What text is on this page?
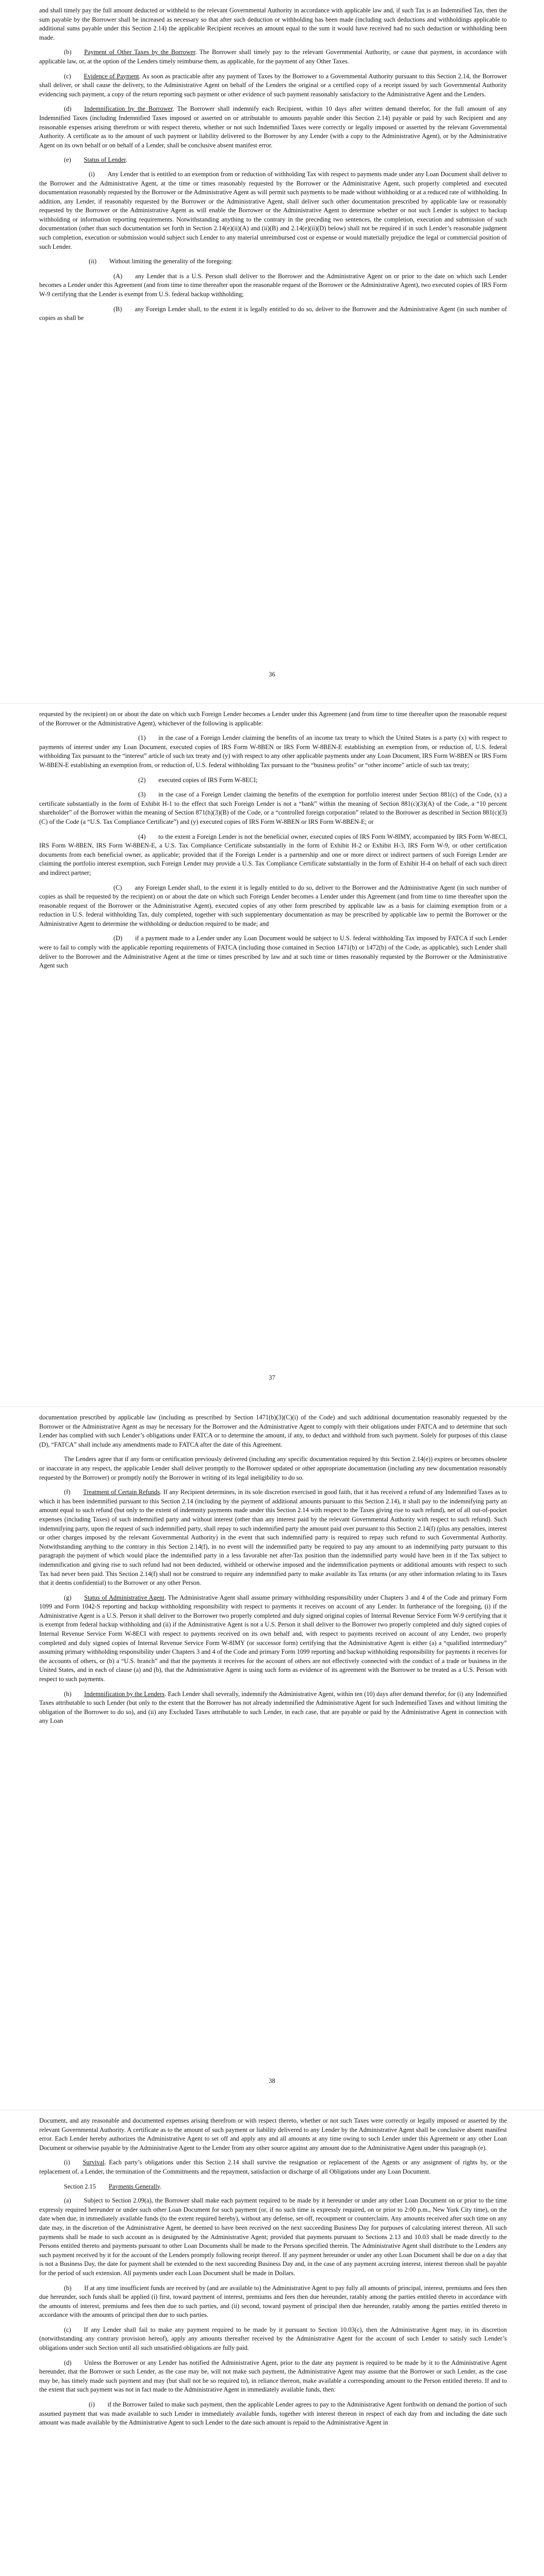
and shall timely pay the full amount deducted or withheld to the relevant Governmental Authority in accordance with applicable law and, if such Tax is an Indemnified Tax, then the sum payable by the Borrower shall be increased as necessary so that after such deduction or withholding has been made (including such deductions and withholdings applicable to additional sums payable under this Section 2.14) the applicable Recipient receives an amount equal to the sum it would have received had no such deduction or withholding been made.

(b)   Payment of Other Taxes by the Borrower. The Borrower shall timely pay to the relevant Governmental Authority, or cause that payment, in accordance with applicable law, or, at the option of the Lenders timely reimburse them, as applicable, for the payment of any Other Taxes.

(c)   Evidence of Payment. As soon as practicable after any payment of Taxes by the Borrower to a Governmental Authority pursuant to this Section 2.14, the Borrower shall deliver, or shall cause the delivery, to the Administrative Agent on behalf of the Lenders the original or a certified copy of a receipt issued by such Governmental Authority evidencing such payment, a copy of the return reporting such payment or other evidence of such payment reasonably satisfactory to the Administrative Agent and the Lenders.

(d)   Indemnification by the Borrower. The Borrower shall indemnify each Recipient, within 10 days after written demand therefor, for the full amount of any Indemnified Taxes (including Indemnified Taxes imposed or asserted on or attributable to amounts payable under this Section 2.14) payable or paid by such Recipient and any reasonable expenses arising therefrom or with respect thereto, whether or not such Indemnified Taxes were correctly or legally imposed or asserted by the relevant Governmental Authority. A certificate as to the amount of such payment or liability delivered to the Borrower by any Lender (with a copy to the Administrative Agent), or by the Administrative Agent on its own behalf or on behalf of a Lender, shall be conclusive absent manifest error.

(e)   Status of Lender.

(i)   Any Lender that is entitled to an exemption from or reduction of withholding Tax with respect to payments made under any Loan Document shall deliver to the Borrower and the Administrative Agent, at the time or times reasonably requested by the Borrower or the Administrative Agent, such properly completed and executed documentation reasonably requested by the Borrower or the Administrative Agent as will permit such payments to be made without withholding or at a reduced rate of withholding. In addition, any Lender, if reasonably requested by the Borrower or the Administrative Agent, shall deliver such other documentation prescribed by applicable law or reasonably requested by the Borrower or the Administrative Agent as will enable the Borrower or the Administrative Agent to determine whether or not such Lender is subject to backup withholding or information reporting requirements. Notwithstanding anything to the contrary in the preceding two sentences, the completion, execution and submission of such documentation (other than such documentation set forth in Section 2.14(e)(ii)(A) and (ii)(B) and 2.14(e)(ii)(D) below) shall not be required if in such Lender’s reasonable judgment such completion, execution or submission would subject such Lender to any material unreimbursed cost or expense or would materially prejudice the legal or commercial position of such Lender.

(ii)   Without limiting the generality of the foregoing:

(A)   any Lender that is a U.S. Person shall deliver to the Borrower and the Administrative Agent on or prior to the date on which such Lender becomes a Lender under this Agreement (and from time to time thereafter upon the reasonable request of the Borrower or the Administrative Agent), two executed copies of IRS Form W-9 certifying that the Lender is exempt from U.S. federal backup withholding;

(B)   any Foreign Lender shall, to the extent it is legally entitled to do so, deliver to the Borrower and the Administrative Agent (in such number of copies as shall be

36

requested by the recipient) on or about the date on which such Foreign Lender becomes a Lender under this Agreement (and from time to time thereafter upon the reasonable request of the Borrower or the Administrative Agent), whichever of the following is applicable:

(1)   in the case of a Foreign Lender claiming the benefits of an income tax treaty to which the United States is a party (x) with respect to payments of interest under any Loan Document, executed copies of IRS Form W-8BEN or IRS Form W-8BEN-E establishing an exemption from, or reduction of, U.S. federal withholding Tax pursuant to the “interest” article of such tax treaty and (y) with respect to any other applicable payments under any Loan Document, IRS Form W-8BEN or IRS Form W-8BEN-E establishing an exemption from, or reduction of, U.S. federal withholding Tax pursuant to the “business profits” or “other income” article of such tax treaty;

(2)   executed copies of IRS Form W-8ECI;

(3)   in the case of a Foreign Lender claiming the benefits of the exemption for portfolio interest under Section 881(c) of the Code, (x) a certificate substantially in the form of Exhibit H-1 to the effect that such Foreign Lender is not a “bank” within the meaning of Section 881(c)(3)(A) of the Code, a “10 percent shareholder” of the Borrower within the meaning of Section 871(h)(3)(B) of the Code, or a “controlled foreign corporation” related to the Borrower as described in Section 881(c)(3)(C) of the Code (a “U.S. Tax Compliance Certificate”) and (y) executed copies of IRS Form W-8BEN or IRS Form W-8BEN-E; or

(4)   to the extent a Foreign Lender is not the beneficial owner, executed copies of IRS Form W-8IMY, accompanied by IRS Form W-8ECI, IRS Form W-8BEN, IRS Form W-8BEN-E, a U.S. Tax Compliance Certificate substantially in the form of Exhibit H-2 or Exhibit H-3, IRS Form W-9, or other certification documents from each beneficial owner, as applicable; provided that if the Foreign Lender is a partnership and one or more direct or indirect partners of such Foreign Lender are claiming the portfolio interest exemption, such Foreign Lender may provide a U.S. Tax Compliance Certificate substantially in the form of Exhibit H-4 on behalf of each such direct and indirect partner;

(C)   any Foreign Lender shall, to the extent it is legally entitled to do so, deliver to the Borrower and the Administrative Agent (in such number of copies as shall be requested by the recipient) on or about the date on which such Foreign Lender becomes a Lender under this Agreement (and from time to time thereafter upon the reasonable request of the Borrower or the Administrative Agent), executed copies of any other form prescribed by applicable law as a basis for claiming exemption from or a reduction in U.S. federal withholding Tax, duly completed, together with such supplementary documentation as may be prescribed by applicable law to permit the Borrower or the Administrative Agent to determine the withholding or deduction required to be made; and

(D)   if a payment made to a Lender under any Loan Document would be subject to U.S. federal withholding Tax imposed by FATCA if such Lender were to fail to comply with the applicable reporting requirements of FATCA (including those contained in Section 1471(b) or 1472(b) of the Code, as applicable), such Lender shall deliver to the Borrower and the Administrative Agent at the time or times prescribed by law and at such time or times reasonably requested by the Borrower or the Administrative Agent such

37

documentation prescribed by applicable law (including as prescribed by Section 1471(b)(3)(C)(i) of the Code) and such additional documentation reasonably requested by the Borrower or the Administrative Agent as may be necessary for the Borrower and the Administrative Agent to comply with their obligations under FATCA and to determine that such Lender has complied with such Lender’s obligations under FATCA or to determine the amount, if any, to deduct and withhold from such payment. Solely for purposes of this clause (D), “FATCA” shall include any amendments made to FATCA after the date of this Agreement.

The Lenders agree that if any form or certification previously delivered (including any specific documentation required by this Section 2.14(e)) expires or becomes obsolete or inaccurate in any respect, the applicable Lender shall deliver promptly to the Borrower updated or other appropriate documentation (including any new documentation reasonably requested by the Borrower) or promptly notify the Borrower in writing of its legal ineligibility to do so.

(f)   Treatment of Certain Refunds. If any Recipient determines, in its sole discretion exercised in good faith, that it has received a refund of any Indemnified Taxes as to which it has been indemnified pursuant to this Section 2.14 (including by the payment of additional amounts pursuant to this Section 2.14), it shall pay to the indemnifying party an amount equal to such refund (but only to the extent of indemnity payments made under this Section 2.14 with respect to the Taxes giving rise to such refund), net of all out-of-pocket expenses (including Taxes) of such indemnified party and without interest (other than any interest paid by the relevant Governmental Authority with respect to such refund). Such indemnifying party, upon the request of such indemnified party, shall repay to such indemnified party the amount paid over pursuant to this Section 2.14(f) (plus any penalties, interest or other charges imposed by the relevant Governmental Authority) in the event that such indemnified party is required to repay such refund to such Governmental Authority. Notwithstanding anything to the contrary in this Section 2.14(f), in no event will the indemnified party be required to pay any amount to an indemnifying party pursuant to this paragraph the payment of which would place the indemnified party in a less favorable net after-Tax position than the indemnified party would have been in if the Tax subject to indemnification and giving rise to such refund had not been deducted, withheld or otherwise imposed and the indemnification payments or additional amounts with respect to such Tax had never been paid. This Section 2.14(f) shall not be construed to require any indemnified party to make available its Tax returns (or any other information relating to its Taxes that it deems confidential) to the Borrower or any other Person.

(g)   Status of Administrative Agent. The Administrative Agent shall assume primary withholding responsibility under Chapters 3 and 4 of the Code and primary Form 1099 and Form 1042-S reporting and backup withholding responsibility with respect to payments it receives on account of any Lender. In furtherance of the foregoing, (i) if the Administrative Agent is a U.S. Person it shall deliver to the Borrower two properly completed and duly signed original copies of Internal Revenue Service Form W-9 certifying that it is exempt from federal backup withholding and (ii) if the Administrative Agent is not a U.S. Person it shall deliver to the Borrower two properly completed and duly signed copies of Internal Revenue Service Form W-8ECI with respect to payments received on its own behalf and, with respect to payments received on account of any Lender, two properly completed and duly signed copies of Internal Revenue Service Form W-8IMY (or successor form) certifying that the Administrative Agent is either (a) a “qualified intermediary” assuming primary withholding responsibility under Chapters 3 and 4 of the Code and primary Form 1099 reporting and backup withholding responsibility for payments it receives for the accounts of others, or (b) a “U.S. branch” and that the payments it receives for the account of others are not effectively connected with the conduct of a trade or business in the United States, and in each of clause (a) and (b), that the Administrative Agent is using such form as evidence of its agreement with the Borrower to be treated as a U.S. Person with respect to such payments.

(h)   Indemnification by the Lenders. Each Lender shall severally, indemnify the Administrative Agent, within ten (10) days after demand therefor, for (i) any Indemnified Taxes attributable to such Lender (but only to the extent that the Borrower has not already indemnified the Administrative Agent for such Indemnified Taxes and without limiting the obligation of the Borrower to do so), and (ii) any Excluded Taxes attributable to such Lender, in each case, that are payable or paid by the Administrative Agent in connection with any Loan

38

Document, and any reasonable and documented expenses arising therefrom or with respect thereto, whether or not such Taxes were correctly or legally imposed or asserted by the relevant Governmental Authority. A certificate as to the amount of such payment or liability delivered to any Lender by the Administrative Agent shall be conclusive absent manifest error. Each Lender hereby authorizes the Administrative Agent to set off and apply any and all amounts at any time owing to such Lender under this Agreement or any other Loan Document or otherwise payable by the Administrative Agent to the Lender from any other source against any amount due to the Administrative Agent under this paragraph (e).

(i)   Survival. Each party’s obligations under this Section 2.14 shall survive the resignation or replacement of the Agents or any assignment of rights by, or the replacement of, a Lender, the termination of the Commitments and the repayment, satisfaction or discharge of all Obligations under any Loan Document.

Section 2.15   Payments Generally.

(a)   Subject to Section 2.09(a), the Borrower shall make each payment required to be made by it hereunder or under any other Loan Document on or prior to the time expressly required hereunder or under such other Loan Document for such payment (or, if no such time is expressly required, on or prior to 2:00 p.m., New York City time), on the date when due, in immediately available funds (to the extent required hereby), without any defense, set-off, recoupment or counterclaim. Any amounts received after such time on any date may, in the discretion of the Administrative Agent, be deemed to have been received on the next succeeding Business Day for purposes of calculating interest thereon. All such payments shall be made to such account as is designated by the Administrative Agent; provided that payments pursuant to Sections 2.13 and 10.03 shall be made directly to the Persons entitled thereto and payments pursuant to other Loan Documents shall be made to the Persons specified therein. The Administrative Agent shall distribute to the Lenders any such payment received by it for the account of the Lenders promptly following receipt thereof. If any payment hereunder or under any other Loan Document shall be due on a day that is not a Business Day, the date for payment shall be extended to the next succeeding Business Day and, in the case of any payment accruing interest, interest thereon shall be payable for the period of such extension. All payments under each Loan Document shall be made in Dollars.

(b)   If at any time insufficient funds are received by (and are available to) the Administrative Agent to pay fully all amounts of principal, interest, premiums and fees then due hereunder, such funds shall be applied (i) first, toward payment of interest, premiums and fees then due hereunder, ratably among the parties entitled thereto in accordance with the amounts of interest, premiums and fees then due to such parties, and (ii) second, toward payment of principal then due hereunder, ratably among the parties entitled thereto in accordance with the amounts of principal then due to such parties.

(c)   If any Lender shall fail to make any payment required to be made by it pursuant to Section 10.03(c), then the Administrative Agent may, in its discretion (notwithstanding any contrary provision hereof), apply any amounts thereafter received by the Administrative Agent for the account of such Lender to satisfy such Lender’s obligations under such Section until all such unsatisfied obligations are fully paid.

(d)   Unless the Borrower or any Lender has notified the Administrative Agent, prior to the date any payment is required to be made by it to the Administrative Agent hereunder, that the Borrower or such Lender, as the case may be, will not make such payment, the Administrative Agent may assume that the Borrower or such Lender, as the case may be, has timely made such payment and may (but shall not be so required to), in reliance thereon, make available a corresponding amount to the Person entitled thereto. If and to the extent that such payment was not in fact made to the Administrative Agent in immediately available funds, then:

(i)   if the Borrower failed to make such payment, then the applicable Lender agrees to pay to the Administrative Agent forthwith on demand the portion of such assumed payment that was made available to such Lender in immediately available funds, together with interest thereon in respect of each day from and including the date such amount was made available by the Administrative Agent to such Lender to the date such amount is repaid to the Administrative Agent in
